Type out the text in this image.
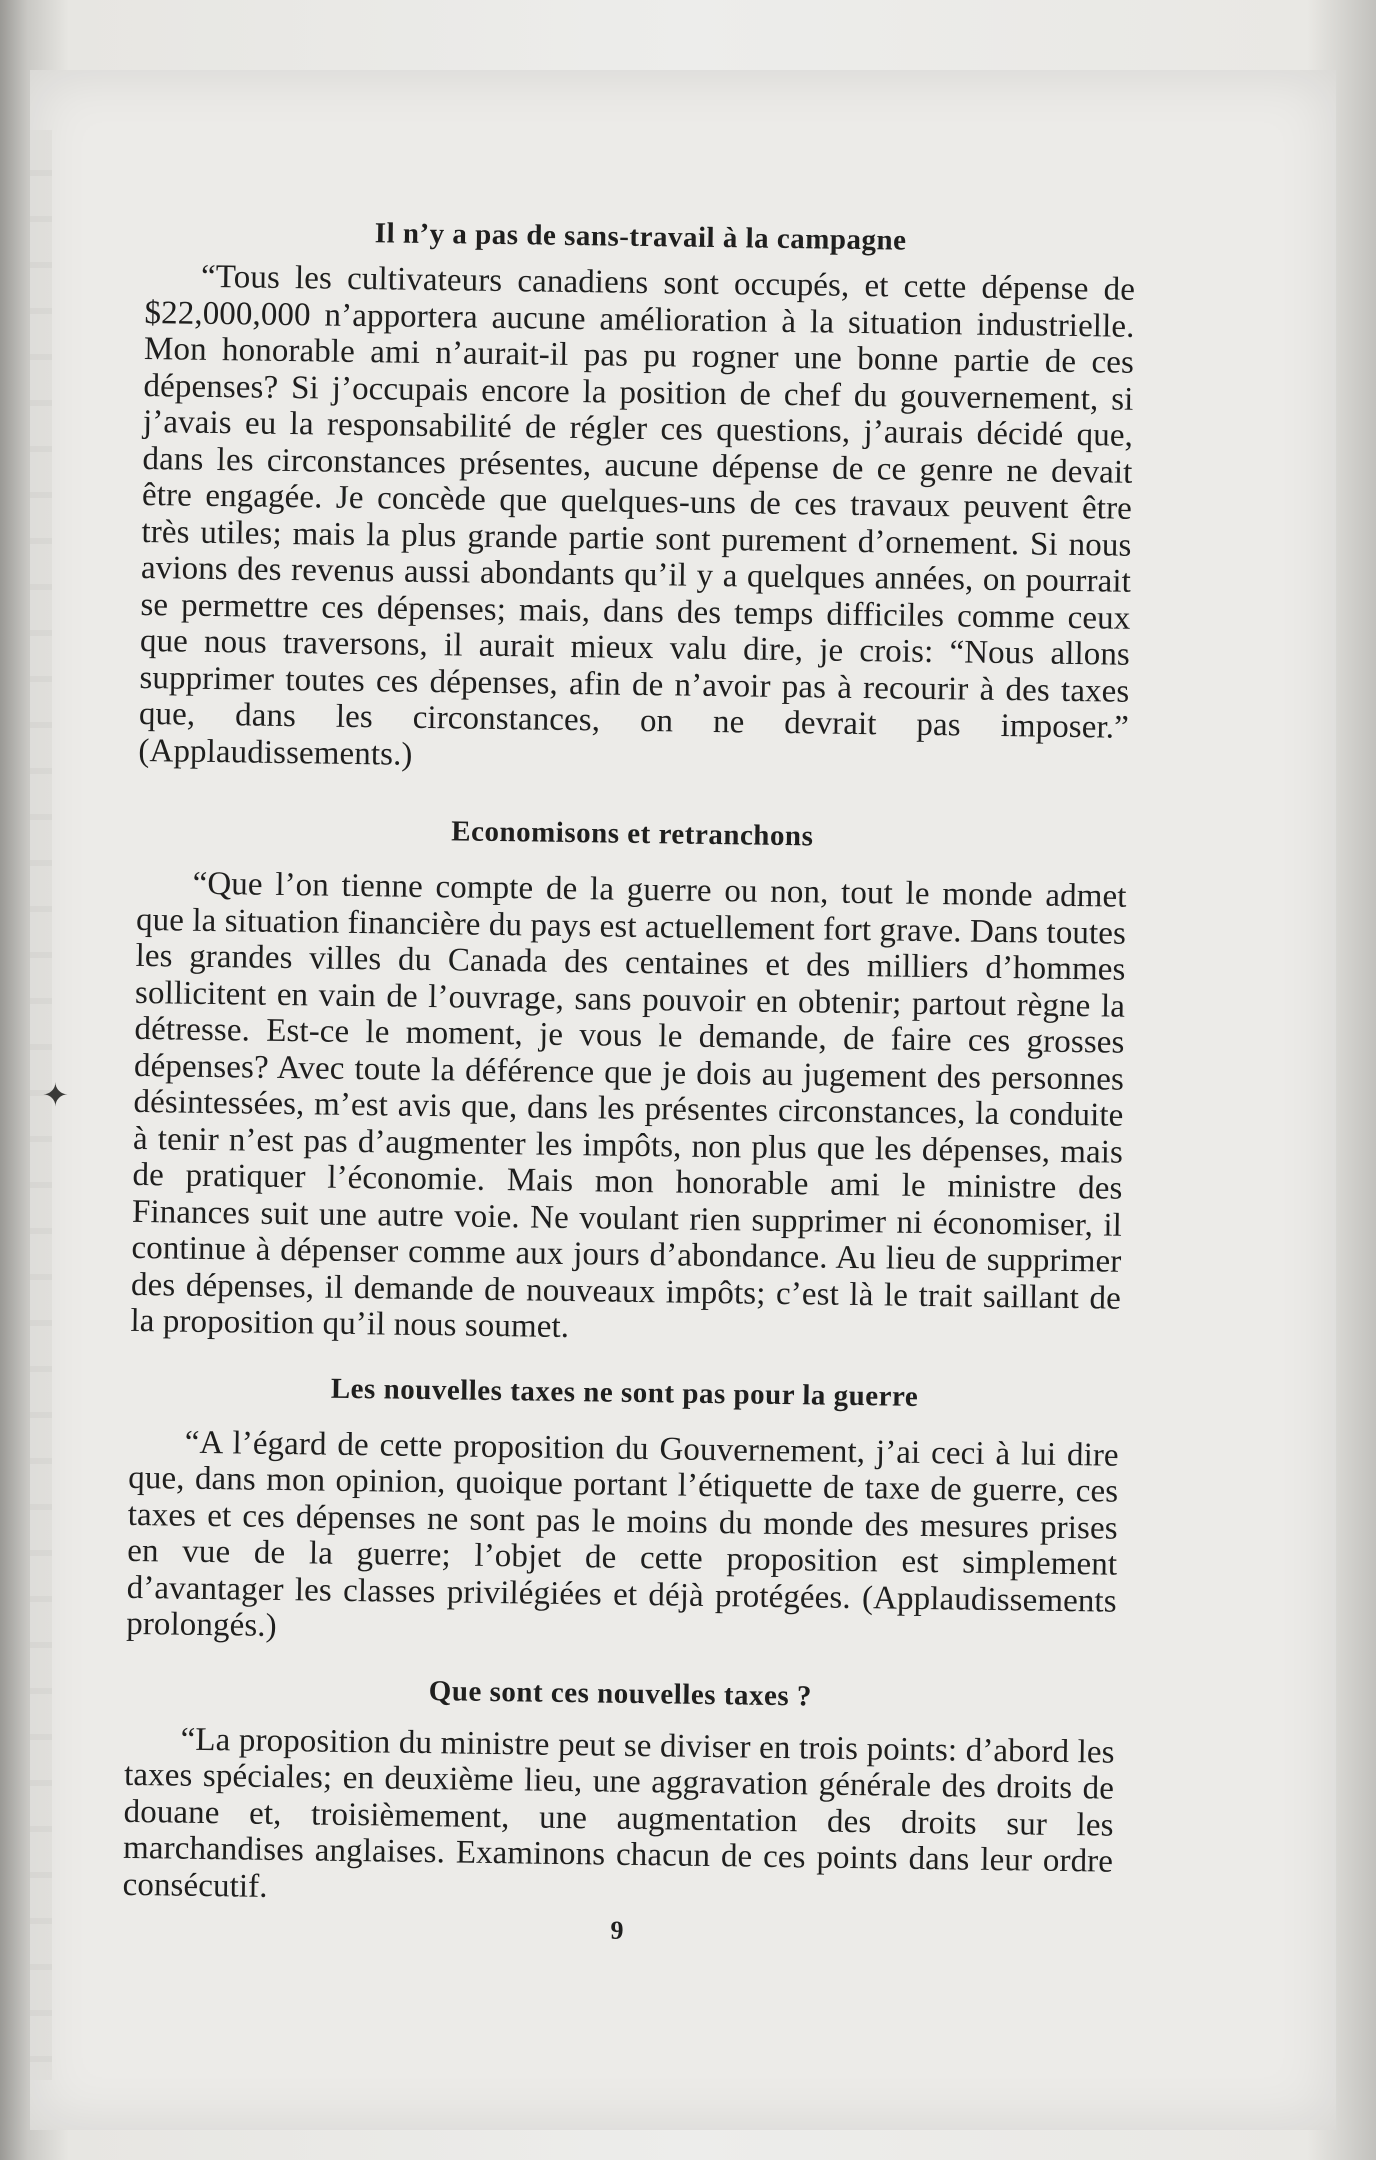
✦
Il n’y a pas de sans-travail à la campagne

“Tous les cultivateurs canadiens sont occupés, et cette dépense de $22,000,000 n’apportera aucune amélioration à la situation industrielle. Mon honorable ami n’aurait-il pas pu rogner une bonne partie de ces dépenses? Si j’occupais encore la position de chef du gouvernement, si j’avais eu la responsabilité de régler ces questions, j’aurais décidé que, dans les circonstances présentes, aucune dépense de ce genre ne devait être engagée. Je concède que quelques-uns de ces travaux peuvent être très utiles; mais la plus grande partie sont purement d’ornement. Si nous avions des revenus aussi abondants qu’il y a quelques années, on pourrait se permettre ces dépenses; mais, dans des temps difficiles comme ceux que nous traversons, il aurait mieux valu dire, je crois: “Nous allons supprimer toutes ces dépenses, afin de n’avoir pas à recourir à des taxes que, dans les circonstances, on ne devrait pas imposer.” (Applaudissements.)

Economisons et retranchons

“Que l’on tienne compte de la guerre ou non, tout le monde admet que la situation financière du pays est actuellement fort grave. Dans toutes les grandes villes du Canada des centaines et des milliers d’hommes sollicitent en vain de l’ouvrage, sans pouvoir en obtenir; partout règne la détresse. Est-ce le moment, je vous le demande, de faire ces grosses dépenses? Avec toute la déférence que je dois au jugement des personnes désintessées, m’est avis que, dans les présentes circonstances, la conduite à tenir n’est pas d’augmenter les impôts, non plus que les dépenses, mais de pratiquer l’économie. Mais mon honorable ami le ministre des Finances suit une autre voie. Ne voulant rien supprimer ni économiser, il continue à dépenser comme aux jours d’abondance. Au lieu de supprimer des dépenses, il demande de nouveaux impôts; c’est là le trait saillant de la proposition qu’il nous soumet.

Les nouvelles taxes ne sont pas pour la guerre

“A l’égard de cette proposition du Gouvernement, j’ai ceci à lui dire que, dans mon opinion, quoique portant l’étiquette de taxe de guerre, ces taxes et ces dépenses ne sont pas le moins du monde des mesures prises en vue de la guerre; l’objet de cette proposition est simplement d’avantager les classes privilégiées et déjà protégées. (Applaudissements prolongés.)

Que sont ces nouvelles taxes ?

“La proposition du ministre peut se diviser en trois points: d’abord les taxes spéciales; en deuxième lieu, une aggravation générale des droits de douane et, troisièmement, une augmentation des droits sur les marchandises anglaises. Examinons chacun de ces points dans leur ordre consécutif.

9
